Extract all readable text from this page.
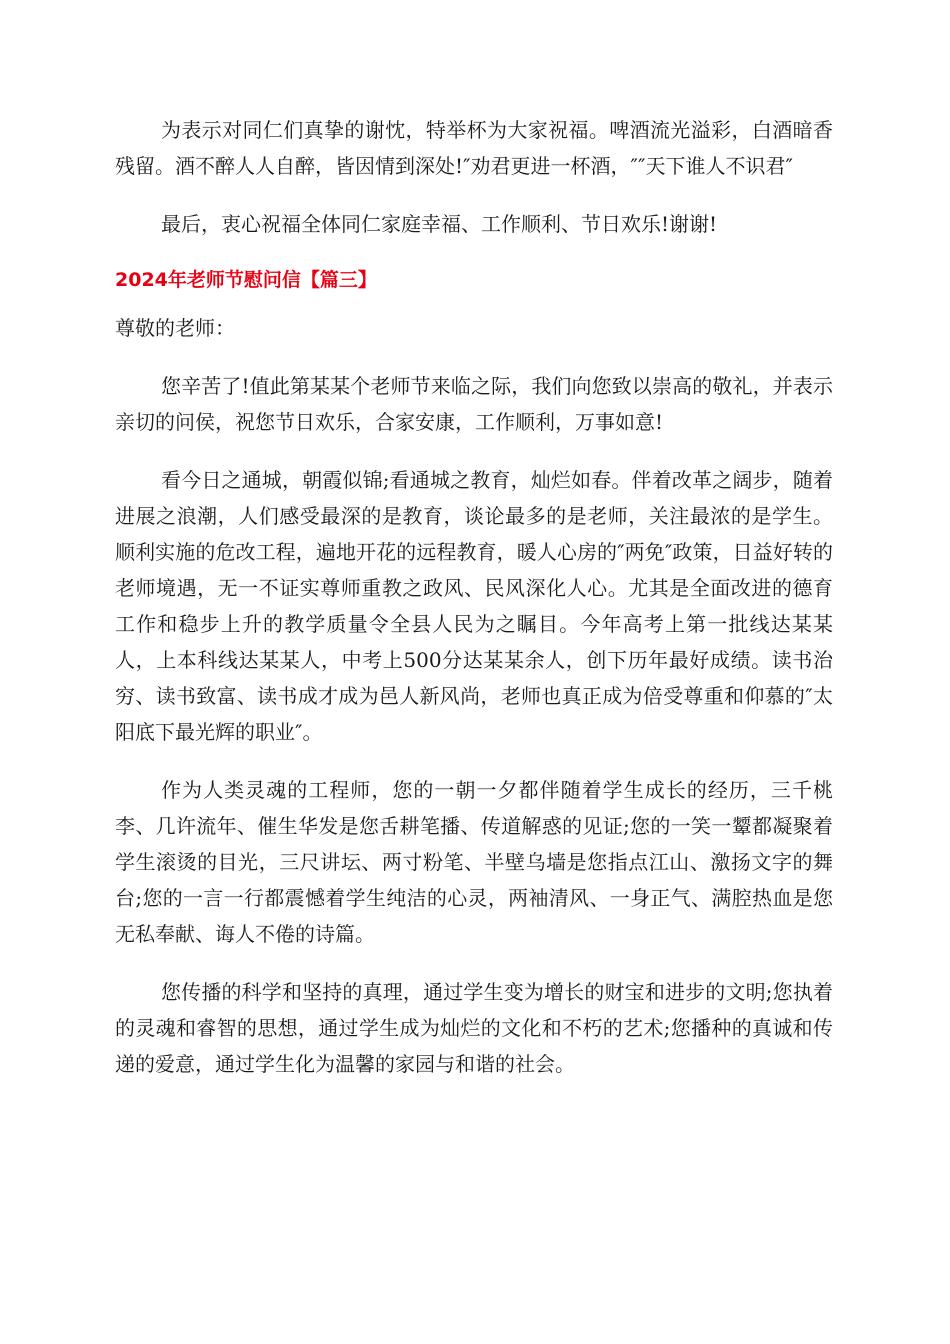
为表示对同仁们真挚的谢忱，特举杯为大家祝福。啤酒流光溢彩，白酒暗香残留。酒不醉人人自醉，皆因情到深处!″劝君更进一杯酒，″″天下谁人不识君″

最后，衷心祝福全体同仁家庭幸福、工作顺利、节日欢乐!谢谢!

2024年老师节慰问信【篇三】

尊敬的老师：

您辛苦了!值此第某某个老师节来临之际，我们向您致以崇高的敬礼，并表示亲切的问侯，祝您节日欢乐，合家安康，工作顺利，万事如意!

看今日之通城，朝霞似锦;看通城之教育，灿烂如春。伴着改革之阔步，随着进展之浪潮，人们感受最深的是教育，谈论最多的是老师，关注最浓的是学生。顺利实施的危改工程，遍地开花的远程教育，暖人心房的″两免″政策，日益好转的老师境遇，无一不证实尊师重教之政风、民风深化人心。尤其是全面改进的德育工作和稳步上升的教学质量令全县人民为之瞩目。今年高考上第一批线达某某人，上本科线达某某人，中考上500分达某某余人，创下历年最好成绩。读书治穷、读书致富、读书成才成为邑人新风尚，老师也真正成为倍受尊重和仰慕的″太阳底下最光辉的职业″。

作为人类灵魂的工程师，您的一朝一夕都伴随着学生成长的经历，三千桃李、几许流年、催生华发是您舌耕笔播、传道解惑的见证;您的一笑一颦都凝聚着学生滚烫的目光，三尺讲坛、两寸粉笔、半壁乌墙是您指点江山、激扬文字的舞台;您的一言一行都震憾着学生纯洁的心灵，两袖清风、一身正气、满腔热血是您无私奉献、诲人不倦的诗篇。

您传播的科学和坚持的真理，通过学生变为增长的财宝和进步的文明;您执着的灵魂和睿智的思想，通过学生成为灿烂的文化和不朽的艺术;您播种的真诚和传递的爱意，通过学生化为温馨的家园与和谐的社会。
